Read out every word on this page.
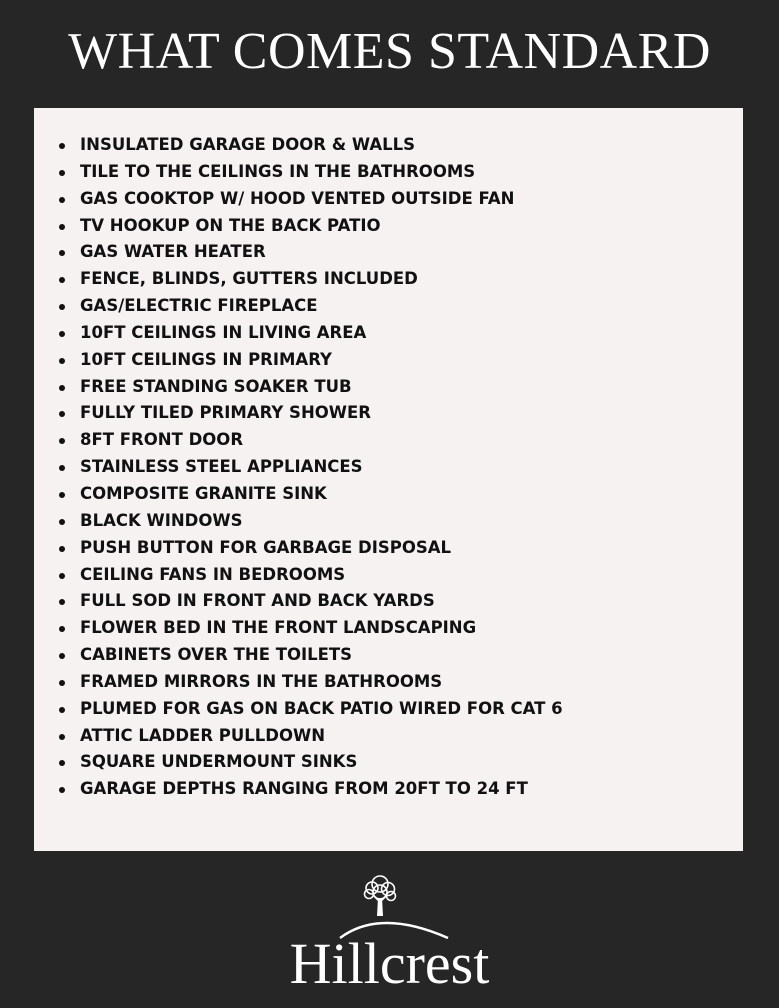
WHAT COMES STANDARD
INSULATED GARAGE DOOR & WALLS
TILE TO THE CEILINGS IN THE BATHROOMS
GAS COOKTOP W/ HOOD VENTED OUTSIDE FAN
TV HOOKUP ON THE BACK PATIO
GAS WATER HEATER
FENCE, BLINDS, GUTTERS INCLUDED
GAS/ELECTRIC FIREPLACE
10FT CEILINGS IN LIVING AREA
10FT CEILINGS IN PRIMARY
FREE STANDING SOAKER TUB
FULLY TILED PRIMARY SHOWER
8FT FRONT DOOR
STAINLESS STEEL APPLIANCES
COMPOSITE GRANITE SINK
BLACK WINDOWS
PUSH BUTTON FOR GARBAGE DISPOSAL
CEILING FANS IN BEDROOMS
FULL SOD IN FRONT AND BACK YARDS
FLOWER BED IN THE FRONT LANDSCAPING
CABINETS OVER THE TOILETS
FRAMED MIRRORS IN THE BATHROOMS
PLUMED FOR GAS ON BACK PATIO WIRED FOR CAT 6
ATTIC LADDER PULLDOWN
SQUARE UNDERMOUNT SINKS
GARAGE DEPTHS RANGING FROM 20FT TO 24 FT
Hillcrest
